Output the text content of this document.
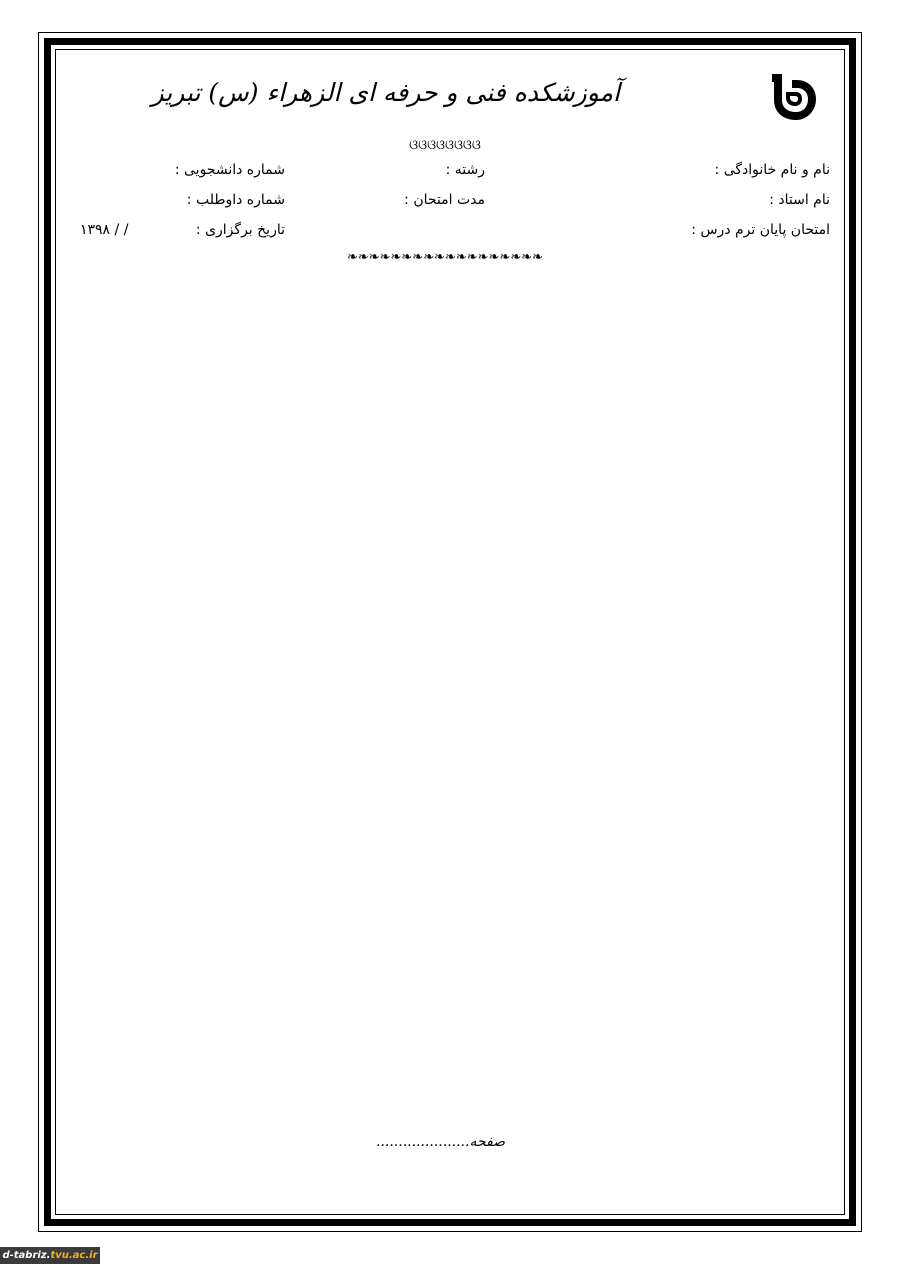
آموزشکده فنی و حرفه ای الزهراء (س) تبریز
ଓଓଓଓଓଓଓଓ
نام و نام خانوادگی :
رشته :
شماره دانشجویی :
نام استاد :
مدت امتحان :
شماره داوطلب :
امتحان پایان ترم درس :
تاریخ برگزاری :
/ / ۱۳۹۸
❧❧❧❧❧❧❧❧❧❧❧❧❧❧❧❧❧❧
صفحه.....................
d-tabriz.tvu.ac.ir
